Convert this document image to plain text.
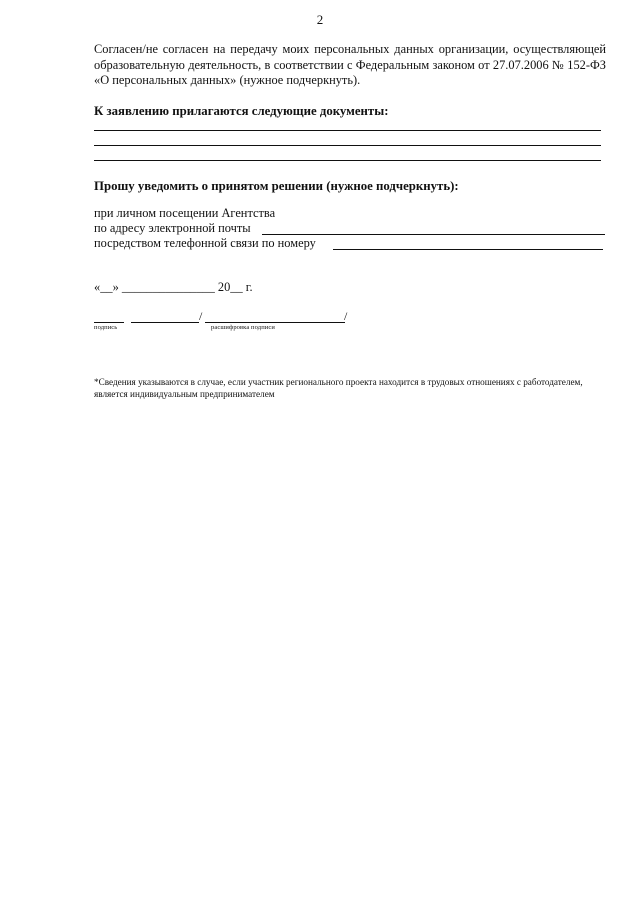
2
Согласен/не согласен на передачу моих персональных данных организации, осуществляющей образовательную деятельность, в соответствии с Федеральным законом от 27.07.2006 № 152-ФЗ «О персональных данных» (нужное подчеркнуть).
К заявлению прилагаются следующие документы:
Прошу уведомить о принятом решении (нужное подчеркнуть):
при личном посещении Агентства
по адресу электронной почты
посредством телефонной связи по номеру
«__» _______________ 20__ г.
/	/
подпись	расшифровка подписи
*Сведения указываются в случае, если участник регионального проекта находится в трудовых отношениях с работодателем, является индивидуальным предпринимателем
